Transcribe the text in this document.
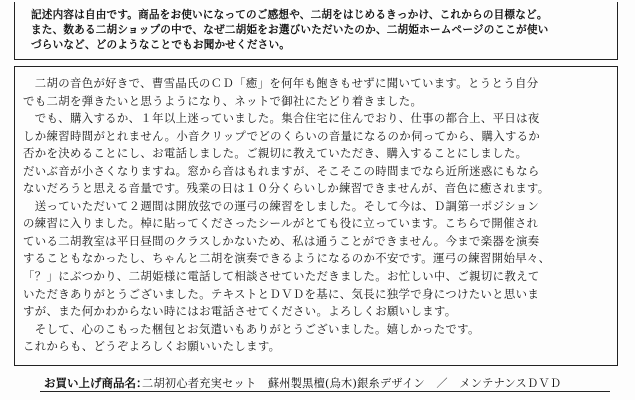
記述内容は自由です。商品をお使いになってのご感想や、二胡をはじめるきっかけ、これからの目標など。
また、数ある二胡ショップの中で、なぜ二胡姫をお選びいただいたのか、二胡姫ホームページのここが使い
づらいなど、どのようなことでもお聞かせください。
　二胡の音色が好きで、曹雪晶氏のＣＤ「癒」を何年も飽きもせずに聞いています。とうとう自分
でも二胡を弾きたいと思うようになり、ネットで御社にたどり着きました。
　でも、購入するか、１年以上迷っていました。集合住宅に住んでおり、仕事の都合上、平日は夜
しか練習時間がとれません。小音クリップでどのくらいの音量になるのか伺ってから、購入するか
否かを決めることにし、お電話しました。ご親切に教えていただき、購入することにしました。
だいぶ音が小さくなりますね。窓から音はもれますが、そこそこの時間までなら近所迷惑にもなら
ないだろうと思える音量です。残業の日は１０分くらいしか練習できませんが、音色に癒されます。
　送っていただいて２週間は開放弦での運弓の練習をしました。そして今は、Ｄ調第一ポジション
の練習に入りました。棹に貼ってくださったシールがとても役に立っています。こちらで開催され
ている二胡教室は平日昼間のクラスしかないため、私は通うことができません。今まで楽器を演奏
することもなかったし、ちゃんと二胡を演奏できるようになるのか不安です。運弓の練習開始早々、
「？」にぶつかり、二胡姫様に電話して相談させていただきました。お忙しい中、ご親切に教えて
いただきありがとうございました。テキストとＤＶＤを基に、気長に独学で身につけたいと思いま
すが、また何かわからない時にはお電話させてください。よろしくお願いします。
　そして、心のこもった梱包とお気遣いもありがとうございました。嬉しかったです。
これからも、どうぞよろしくお願いいたします。
お買い上げ商品名：
二胡初心者充実セット　蘇州製黒檀(烏木)銀糸デザイン　／　メンテナンスＤＶＤ
